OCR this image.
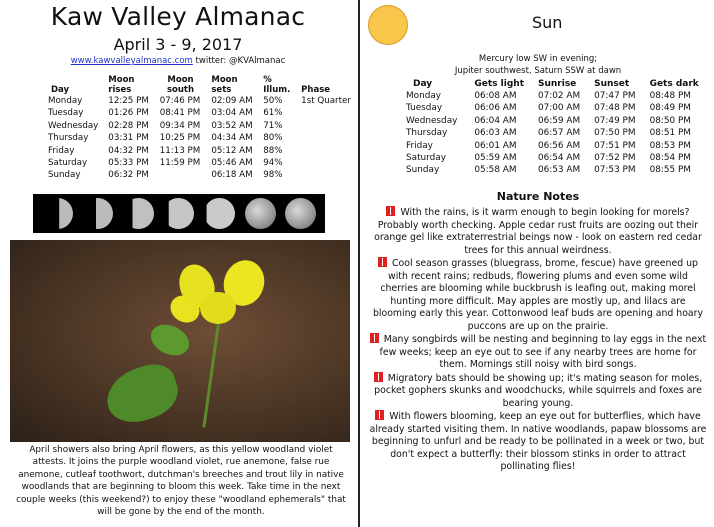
Kaw Valley Almanac
April 3 - 9, 2017
www.kawvalleyalmanac.com twitter: @KVAlmanac
Day	Moon rises	Moon south	Moon sets	% Illum.	Phase
Monday	12:25 PM	07:46 PM	02:09 AM	50%	1st Quarter
Tuesday	01:26 PM	08:41 PM	03:04 AM	61%	
Wednesday	02:28 PM	09:34 PM	03:52 AM	71%	
Thursday	03:31 PM	10:25 PM	04:34 AM	80%	
Friday	04:32 PM	11:13 PM	05:12 AM	88%	
Saturday	05:33 PM	11:59 PM	05:46 AM	94%	
Sunday	06:32 PM		06:18 AM	98%	
April showers also bring April flowers, as this yellow woodland violet attests. It joins the purple woodland violet, rue anemone, false rue anemone, cutleaf toothwort, dutchman's breeches and trout lily in native woodlands that are beginning to bloom this week. Take time in the next couple weeks (this weekend?) to enjoy these "woodland ephemerals" that will be gone by the end of the month.
Sun
Mercury low SW in evening;
Jupiter southwest, Saturn SSW at dawn
Day	Gets light	Sunrise	Sunset	Gets dark
Monday	06:08 AM	07:02 AM	07:47 PM	08:48 PM
Tuesday	06:06 AM	07:00 AM	07:48 PM	08:49 PM
Wednesday	06:04 AM	06:59 AM	07:49 PM	08:50 PM
Thursday	06:03 AM	06:57 AM	07:50 PM	08:51 PM
Friday	06:01 AM	06:56 AM	07:51 PM	08:53 PM
Saturday	05:59 AM	06:54 AM	07:52 PM	08:54 PM
Sunday	05:58 AM	06:53 AM	07:53 PM	08:55 PM
Nature Notes

With the rains, is it warm enough to begin looking for morels? Probably worth checking. Apple cedar rust fruits are oozing out their orange gel like extraterrestrial beings now - look on eastern red cedar trees for this annual weirdness.

Cool season grasses (bluegrass, brome, fescue) have greened up with recent rains; redbuds, flowering plums and even some wild cherries are blooming while buckbrush is leafing out, making morel hunting more difficult. May apples are mostly up, and lilacs are blooming early this year. Cottonwood leaf buds are opening and hoary puccons are up on the prairie.

Many songbirds will be nesting and beginning to lay eggs in the next few weeks; keep an eye out to see if any nearby trees are home for them. Mornings still noisy with bird songs.

Migratory bats should be showing up; it's mating season for moles, pocket gophers skunks and woodchucks, while squirrels and foxes are bearing young.

With flowers blooming, keep an eye out for butterflies, which have already started visiting them. In native woodlands, papaw blossoms are beginning to unfurl and be ready to be pollinated in a week or two, but don't expect a butterfly: their blossom stinks in order to attract pollinating flies!
